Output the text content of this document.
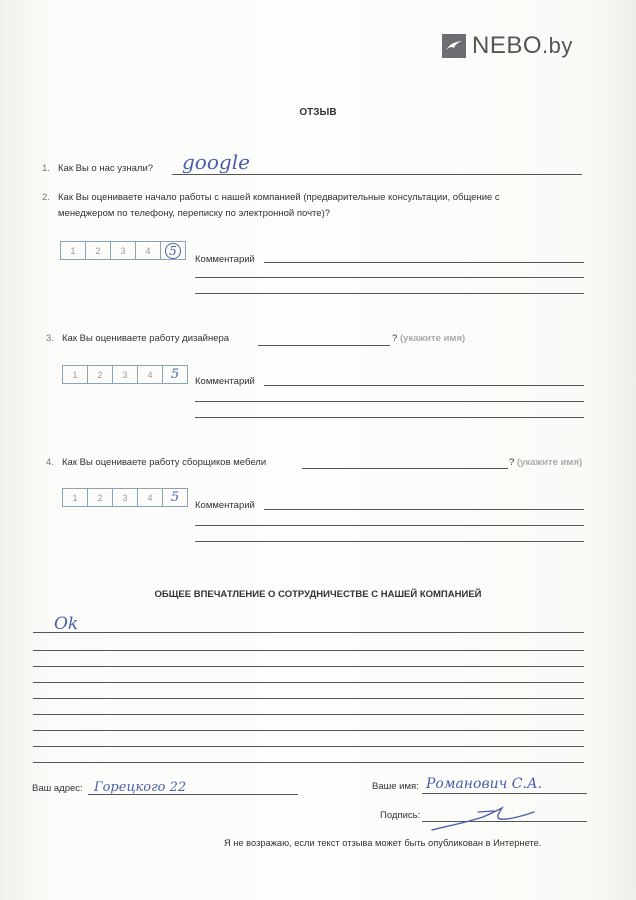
NEBO.by
ОТЗЫВ
1. Как Вы о нас узнали? google
2. Как Вы оцениваете начало работы с нашей компанией (предварительные консультации, общение с
менеджером по телефону, переписку по электронной почте)?
1	2	3	4	5
Комментарий
3. Как Вы оцениваете работу дизайнера	? (укажите имя)
1	2	3	4	5 Комментарий
4. Как Вы оцениваете работу сборщиков мебели	? (укажите имя)
1	2	3	4	5
Комментарий
ОБЩЕЕ ВПЕЧАТЛЕНИЕ О СОТРУДНИЧЕСТВЕ С НАШЕЙ КОМПАНИЕЙ
Ok
Ваш адрес: Горецкого 22	Ваше имя: Романович С.А.
Подпись:
Я не возражаю, если текст отзыва может быть опубликован в Интернете.
